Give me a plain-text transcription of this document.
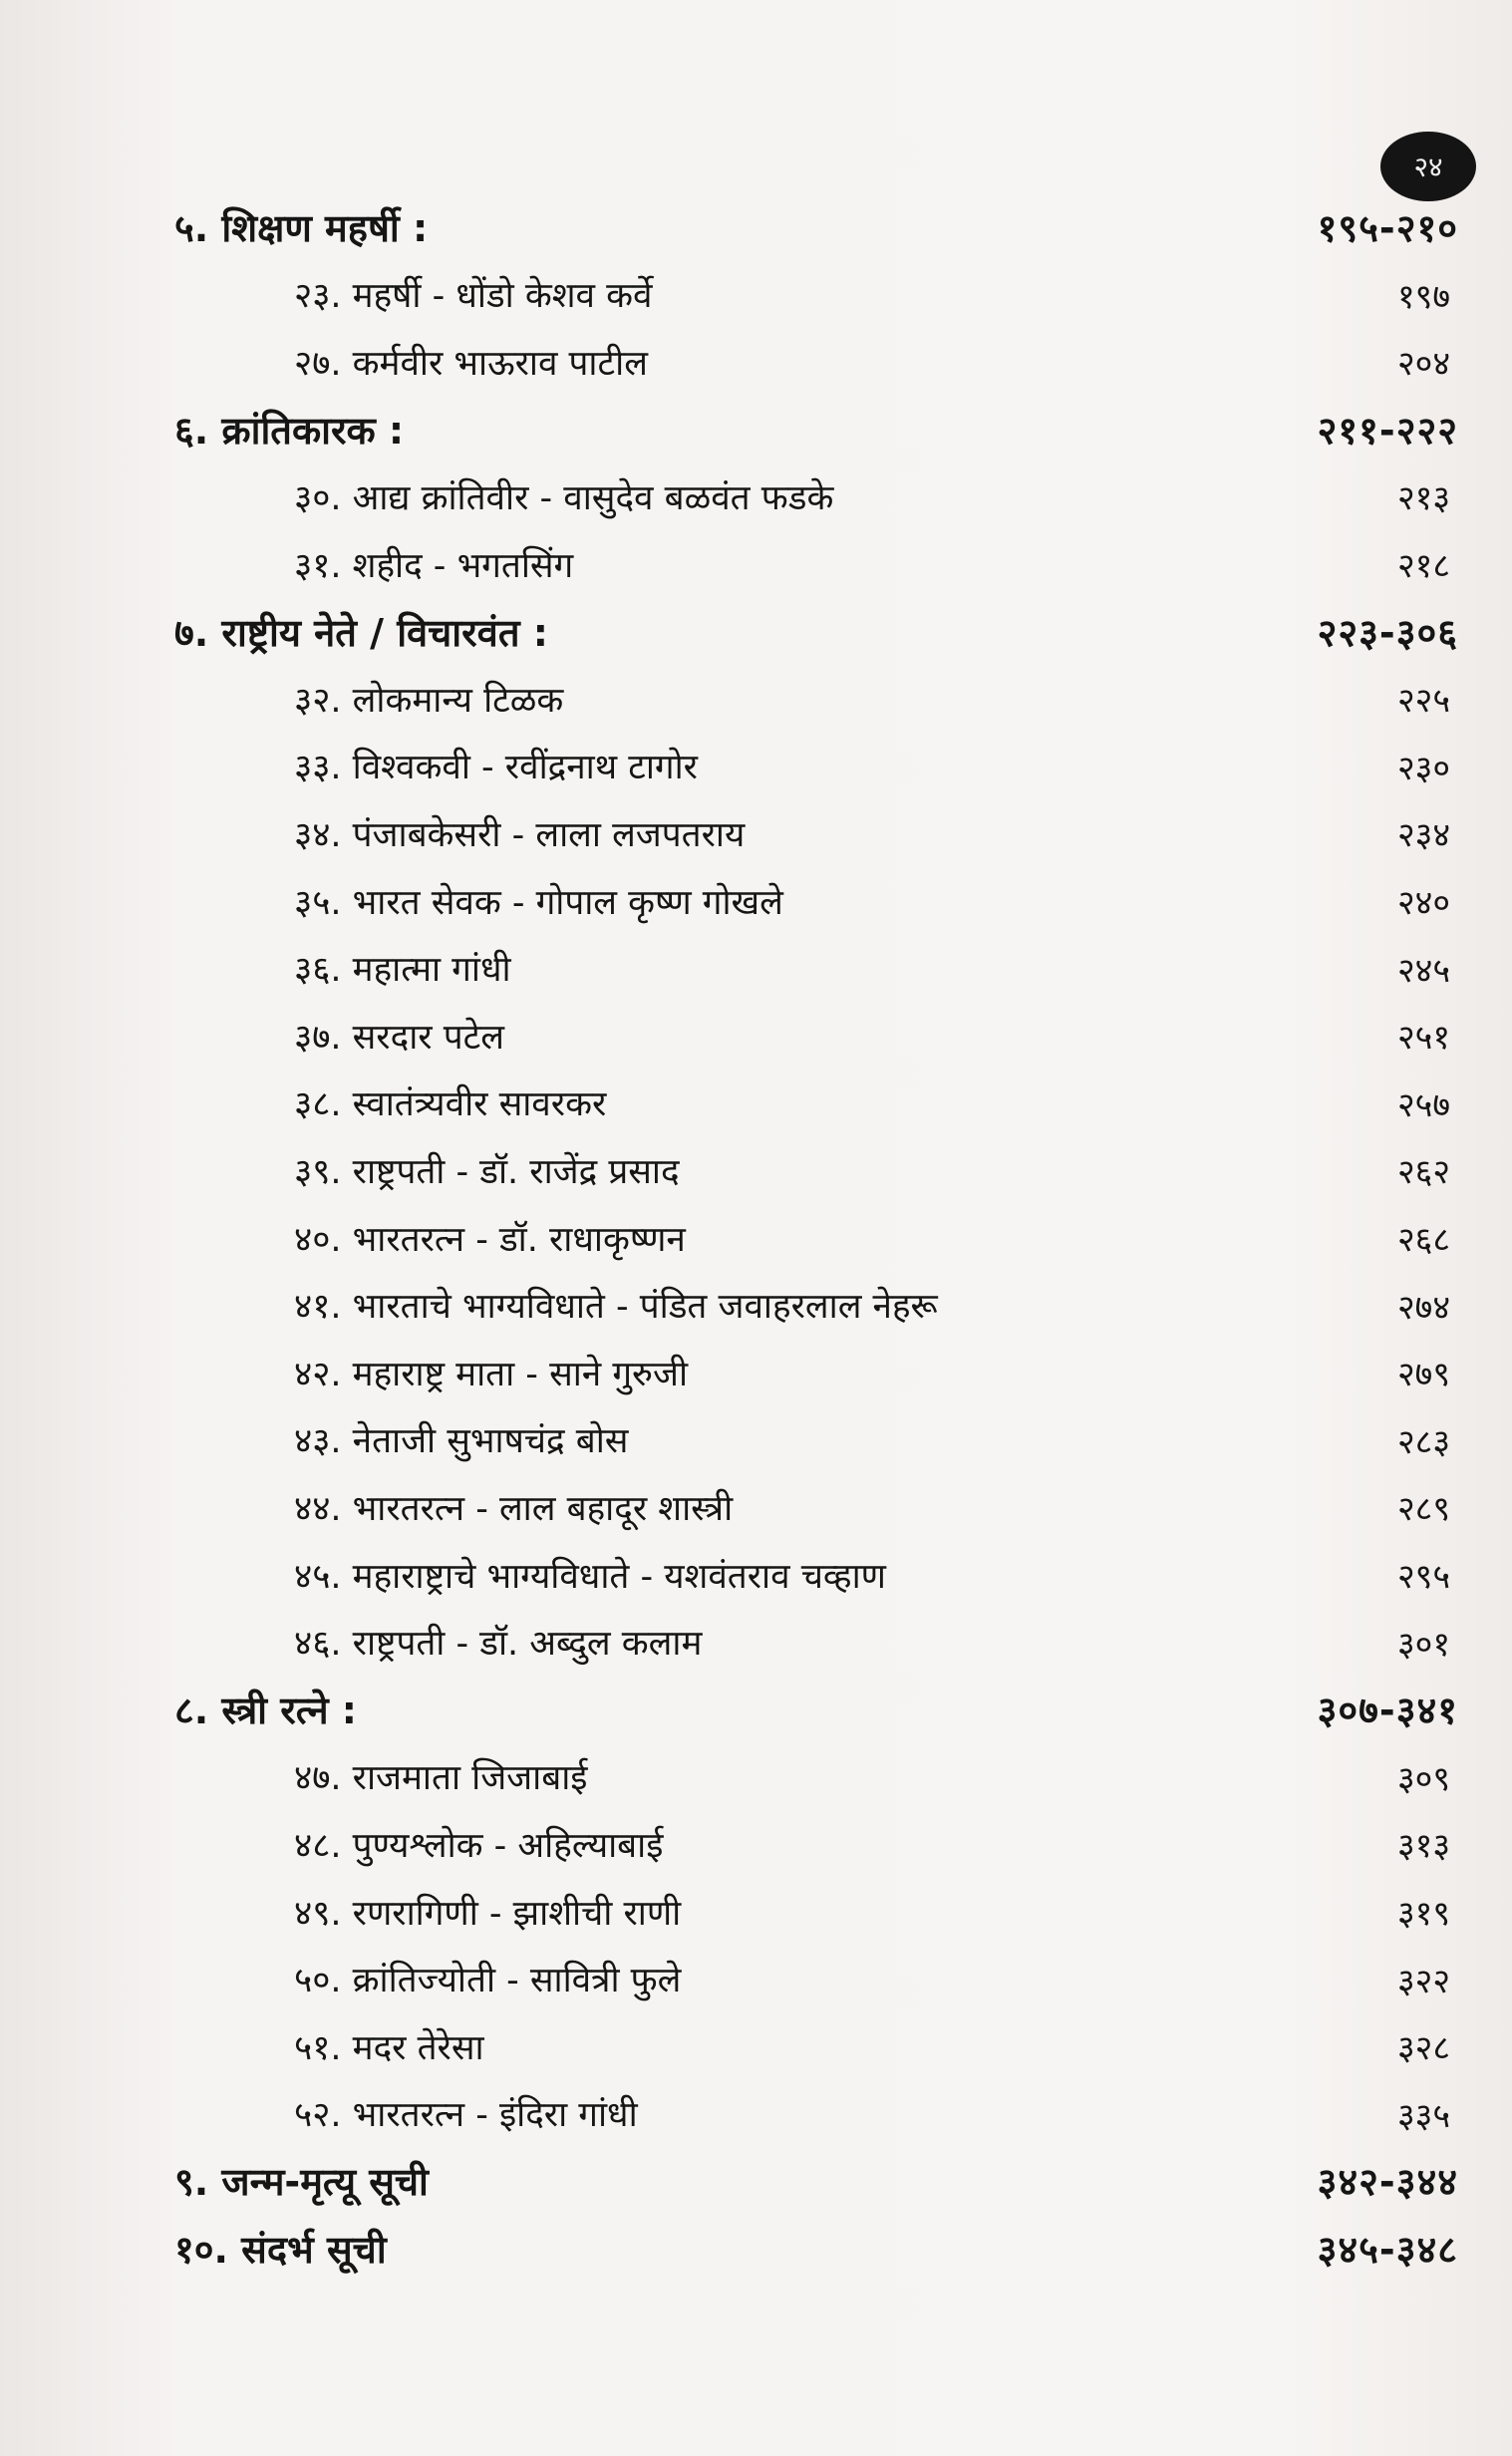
२४
५. शिक्षण महर्षी :	१९५-२१०
२३. महर्षी - धोंडो केशव कर्वे	१९७
२७. कर्मवीर भाऊराव पाटील	२०४
६. क्रांतिकारक :	२११-२२२
३०. आद्य क्रांतिवीर - वासुदेव बळवंत फडके	२१३
३१. शहीद - भगतसिंग	२१८
७. राष्ट्रीय नेते / विचारवंत :	२२३-३०६
३२. लोकमान्य टिळक	२२५
३३. विश्वकवी - रवींद्रनाथ टागोर	२३०
३४. पंजाबकेसरी - लाला लजपतराय	२३४
३५. भारत सेवक - गोपाल कृष्ण गोखले	२४०
३६. महात्मा गांधी	२४५
३७. सरदार पटेल	२५१
३८. स्वातंत्र्यवीर सावरकर	२५७
३९. राष्ट्रपती - डॉ. राजेंद्र प्रसाद	२६२
४०. भारतरत्न - डॉ. राधाकृष्णन	२६८
४१. भारताचे भाग्यविधाते - पंडित जवाहरलाल नेहरू	२७४
४२. महाराष्ट्र माता - साने गुरुजी	२७९
४३. नेताजी सुभाषचंद्र बोस	२८३
४४. भारतरत्न - लाल बहादूर शास्त्री	२८९
४५. महाराष्ट्राचे भाग्यविधाते - यशवंतराव चव्हाण	२९५
४६. राष्ट्रपती - डॉ. अब्दुल कलाम	३०१
८. स्त्री रत्ने :	३०७-३४१
४७. राजमाता जिजाबाई	३०९
४८. पुण्यश्लोक - अहिल्याबाई	३१३
४९. रणरागिणी - झाशीची राणी	३१९
५०. क्रांतिज्योती - सावित्री फुले	३२२
५१. मदर तेरेसा	३२८
५२. भारतरत्न - इंदिरा गांधी	३३५
९. जन्म-मृत्यू सूची	३४२-३४४
१०. संदर्भ सूची	३४५-३४८
